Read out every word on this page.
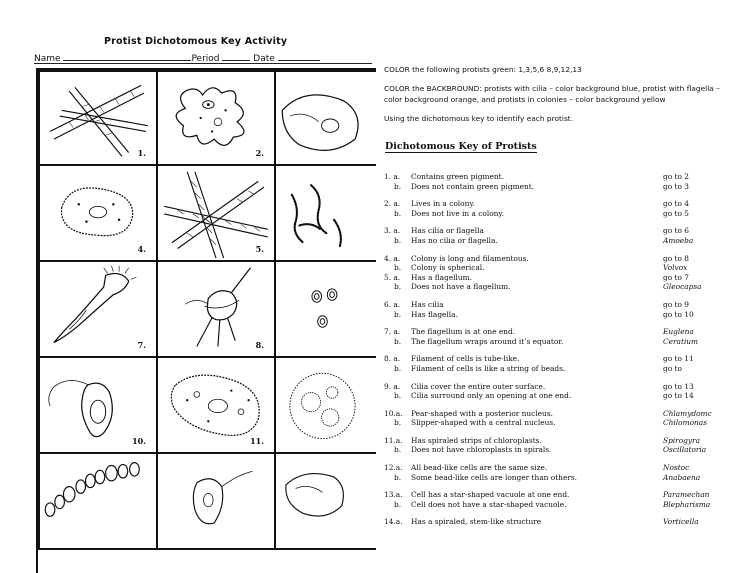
Protist Dichotomous Key Activity
Name	Period	Date
1.	2.
4.	5.
7.	8.
10.	11.

COLOR the following protists green: 1,3,5,6 8,9,12,13

COLOR the BACKBROUND: protists with cilia – color background blue, protist with flagella – color background orange, and protists in colonies – color background yellow

Using the dichotomous key to identify each protist.

Dichotomous Key of Protists
1. a. Contains green pigment.	go to 2
b. Does not contain green pigment.	go to 3
2. a. Lives in a colony.	go to 4
b. Does not live in a colony.	go to 5
3. a. Has cilia or flagella	go to 6
b. Has no cilia or flagella.	Amoeba
4. a. Colony is long and filamentous.	go to 8
b. Colony is spherical.	Volvox
5. a. Has a flagellum.	go to 7
b. Does not have a flagellum.	Gleocapsa
6. a. Has cilia	go to 9
b. Has flagella.	go to 10
7. a. The flagellum is at one end.	Euglena
b. The flagellum wraps around it’s equator.	Ceratium
8. a. Filament of cells is tube-like.	go to 11
b. Filament of cells is like a string of beads.	go to
9. a. Cilia cover the entire outer surface.	go to 13
b. Cilia surround only an opening at one end.	go to 14
10.a. Pear-shaped with a posterior nucleus.	Chlamydomc
b. Slipper-shaped with a central nucleus.	Chilomonas
11.a. Has spiraled strips of chloroplasts.	Spirogyra
b. Does not have chloroplasts in spirals.	Oscillatoria
12.a. All bead-like cells are the same size.	Nostoc
b. Some bead-like cells are longer than others.	Anabaena
13.a. Cell has a star-shaped vacuole at one end.	Paramechan
b. Cell does not have a star-shaped vacuole.	Blepharisma
14.a. Has a spiraled, stem-like structure	Vorticella
